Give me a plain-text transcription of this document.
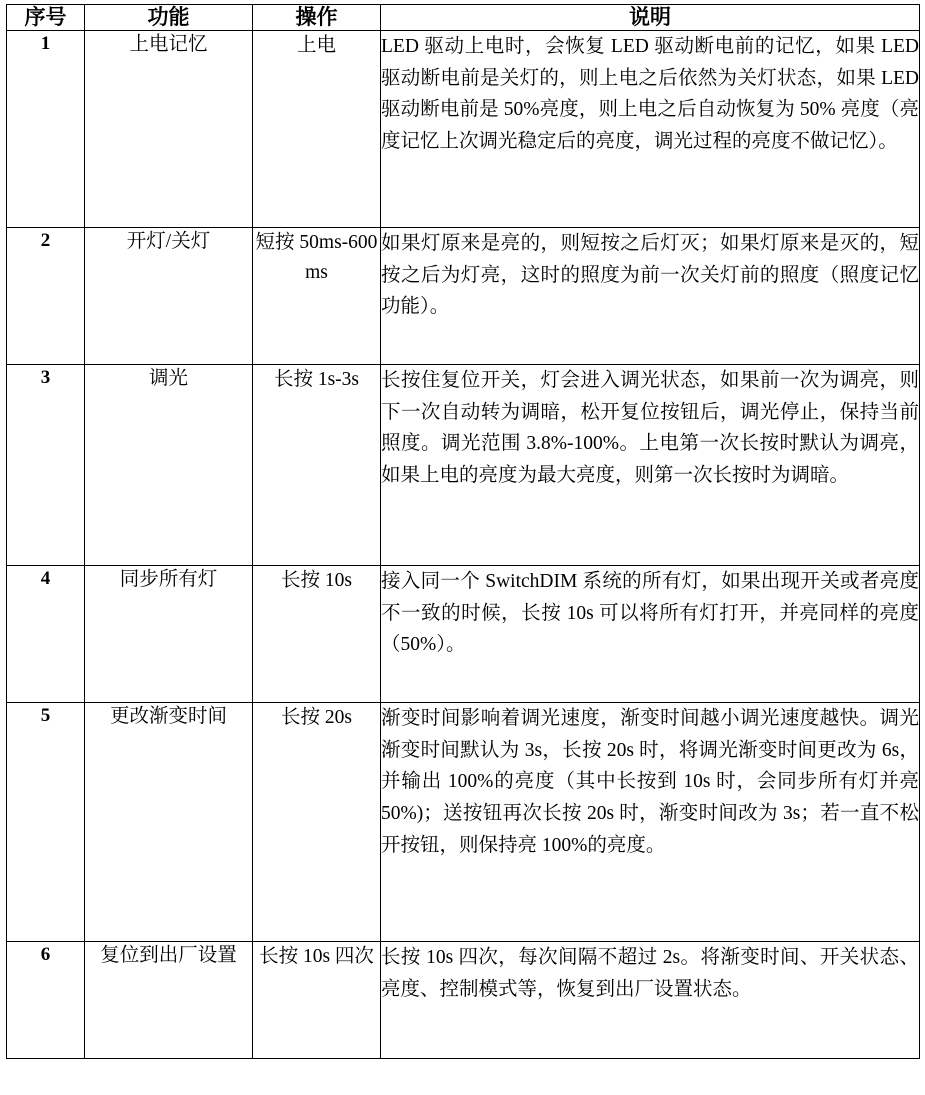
序号	功能	操作	说明
1	上电记忆	上电	LED 驱动上电时，会恢复 LED 驱动断电前的记忆，如果 LED 驱动断电前是关灯的，则上电之后依然为关灯状态，如果 LED 驱动断电前是 50%亮度，则上电之后自动恢复为 50% 亮度（亮度记忆上次调光稳定后的亮度，调光过程的亮度不做记忆）。
2	开灯/关灯	短按 50ms-600 ms	如果灯原来是亮的，则短按之后灯灭；如果灯原来是灭的，短按之后为灯亮，这时的照度为前一次关灯前的照度（照度记忆功能）。
3	调光	长按 1s-3s	长按住复位开关，灯会进入调光状态，如果前一次为调亮，则下一次自动转为调暗，松开复位按钮后，调光停止，保持当前照度。调光范围 3.8%-100%。上电第一次长按时默认为调亮，如果上电的亮度为最大亮度，则第一次长按时为调暗。
4	同步所有灯	长按 10s	接入同一个 SwitchDIM 系统的所有灯，如果出现开关或者亮度不一致的时候，长按 10s 可以将所有灯打开，并亮同样的亮度（50%）。
5	更改渐变时间	长按 20s	渐变时间影响着调光速度，渐变时间越小调光速度越快。调光渐变时间默认为 3s，长按 20s 时，将调光渐变时间更改为 6s，并输出 100%的亮度（其中长按到 10s 时，会同步所有灯并亮 50%)；送按钮再次长按 20s 时，渐变时间改为 3s；若一直不松开按钮，则保持亮 100%的亮度。
6	复位到出厂设置	长按 10s 四次	长按 10s 四次，每次间隔不超过 2s。将渐变时间、开关状态、亮度、控制模式等，恢复到出厂设置状态。
